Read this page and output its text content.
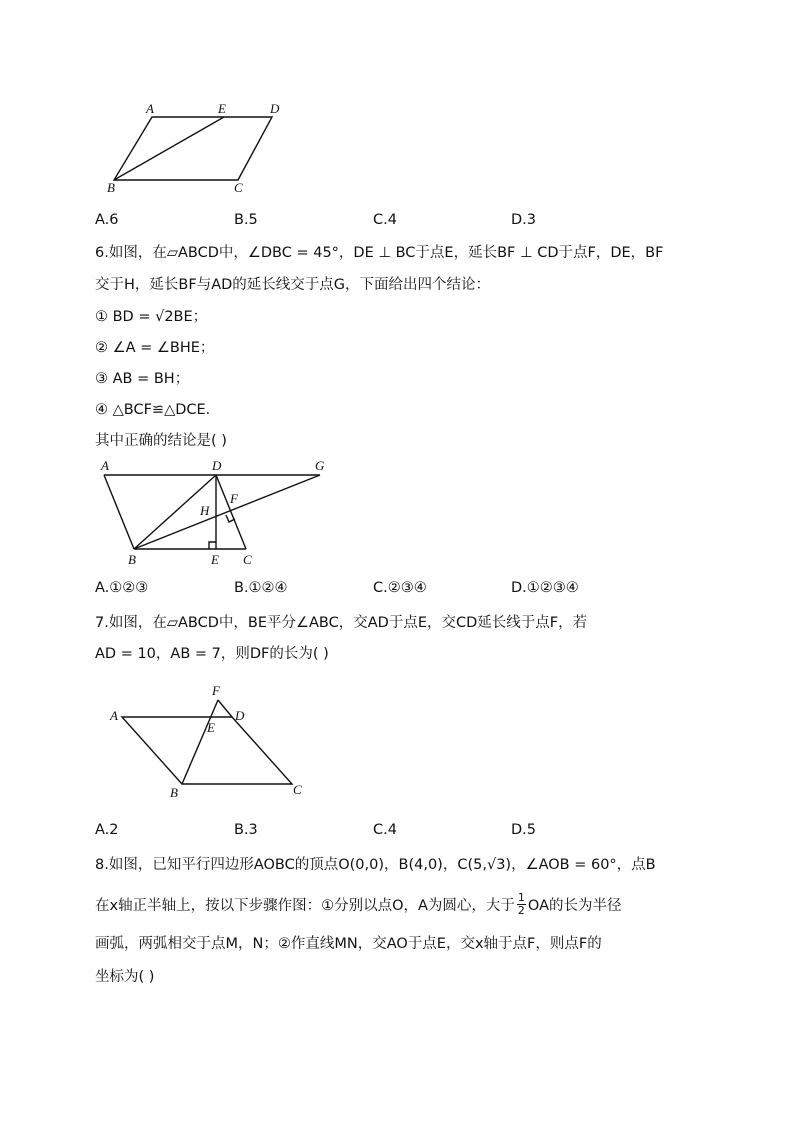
A	E	D
B	C
A.6	B.5	C.4	D.3
6.如图，在▱ABCD中，∠DBC = 45°，DE ⊥ BC于点E，延长BF ⊥ CD于点F，DE，BF
交于H，延长BF与AD的延长线交于点G，下面给出四个结论：
① BD = √2BE；
② ∠A = ∠BHE；
③ AB = BH；
④ △BCF≌△DCE．
其中正确的结论是( )
A	D	G
H
F
B	E C
A.①②③	B.①②④	C.②③④	D.①②③④
7.如图，在▱ABCD中，BE平分∠ABC，交AD于点E，交CD延长线于点F，若
AD = 10，AB = 7，则DF的长为( )
F
A	D
E
B	C
A.2	B.3	C.4	D.5
8.如图，已知平行四边形AOBC的顶点O(0,0)，B(4,0)，C(5,√3)，∠AOB = 60°，点B
在x轴正半轴上，按以下步骤作图：①分别以点O，A为圆心，大于 $\frac{1}{2}$ OA的长为半径
画弧，两弧相交于点M，N；②作直线MN，交AO于点E，交x轴于点F，则点F的
坐标为( )
